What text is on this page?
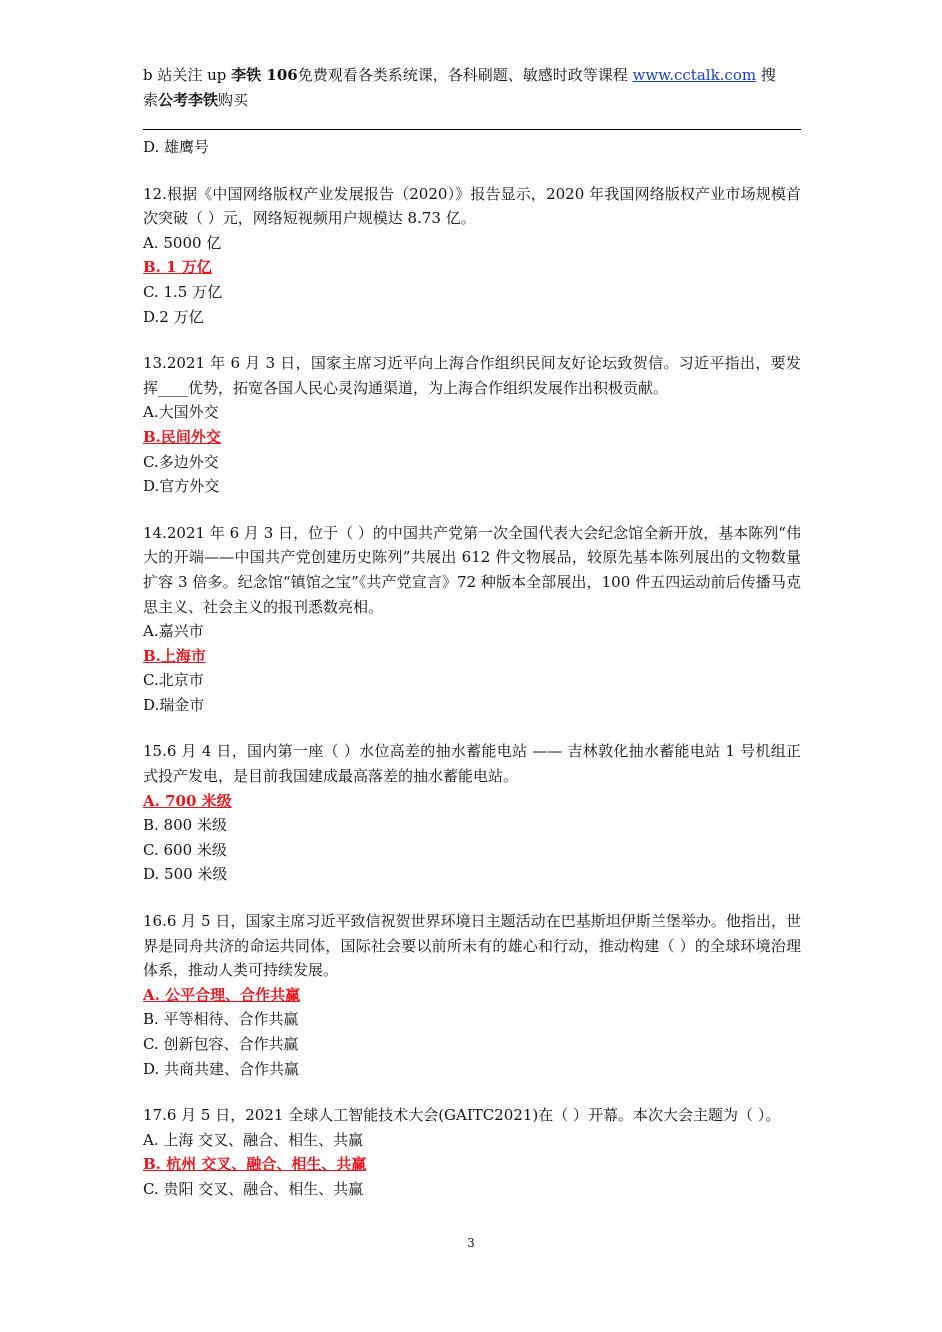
b 站关注 up 李铁 106免费观看各类系统课，各科刷题、敏感时政等课程 www.cctalk.com 搜
索公考李铁购买
D. 雄鹰号
12.根据《中国网络版权产业发展报告（2020）》报告显示，2020 年我国网络版权产业市场规模首次突破（ ）元，网络短视频用户规模达 8.73 亿。
A. 5000 亿
B. 1 万亿
C. 1.5 万亿
D.2 万亿
13.2021 年 6 月 3 日，国家主席习近平向上海合作组织民间友好论坛致贺信。习近平指出，要发挥____优势，拓宽各国人民心灵沟通渠道，为上海合作组织发展作出积极贡献。
A.大国外交
B.民间外交
C.多边外交
D.官方外交
14.2021 年 6 月 3 日，位于（ ）的中国共产党第一次全国代表大会纪念馆全新开放，基本陈列“伟大的开端——中国共产党创建历史陈列”共展出 612 件文物展品，较原先基本陈列展出的文物数量扩容 3 倍多。纪念馆“镇馆之宝”《共产党宣言》72 种版本全部展出，100 件五四运动前后传播马克思主义、社会主义的报刊悉数亮相。
A.嘉兴市
B.上海市
C.北京市
D.瑞金市
15.6 月 4 日，国内第一座（ ）水位高差的抽水蓄能电站 —— 吉林敦化抽水蓄能电站 1 号机组正式投产发电，是目前我国建成最高落差的抽水蓄能电站。
A. 700 米级
B. 800 米级
C. 600 米级
D. 500 米级
16.6 月 5 日，国家主席习近平致信祝贺世界环境日主题活动在巴基斯坦伊斯兰堡举办。他指出，世界是同舟共济的命运共同体，国际社会要以前所未有的雄心和行动，推动构建（ ）的全球环境治理体系，推动人类可持续发展。
A. 公平合理、合作共赢
B. 平等相待、合作共赢
C. 创新包容、合作共赢
D. 共商共建、合作共赢
17.6 月 5 日，2021 全球人工智能技术大会(GAITC2021)在（ ）开幕。本次大会主题为（ ）。
A. 上海 交叉、融合、相生、共赢
B. 杭州 交叉、融合、相生、共赢
C. 贵阳 交叉、融合、相生、共赢
3
